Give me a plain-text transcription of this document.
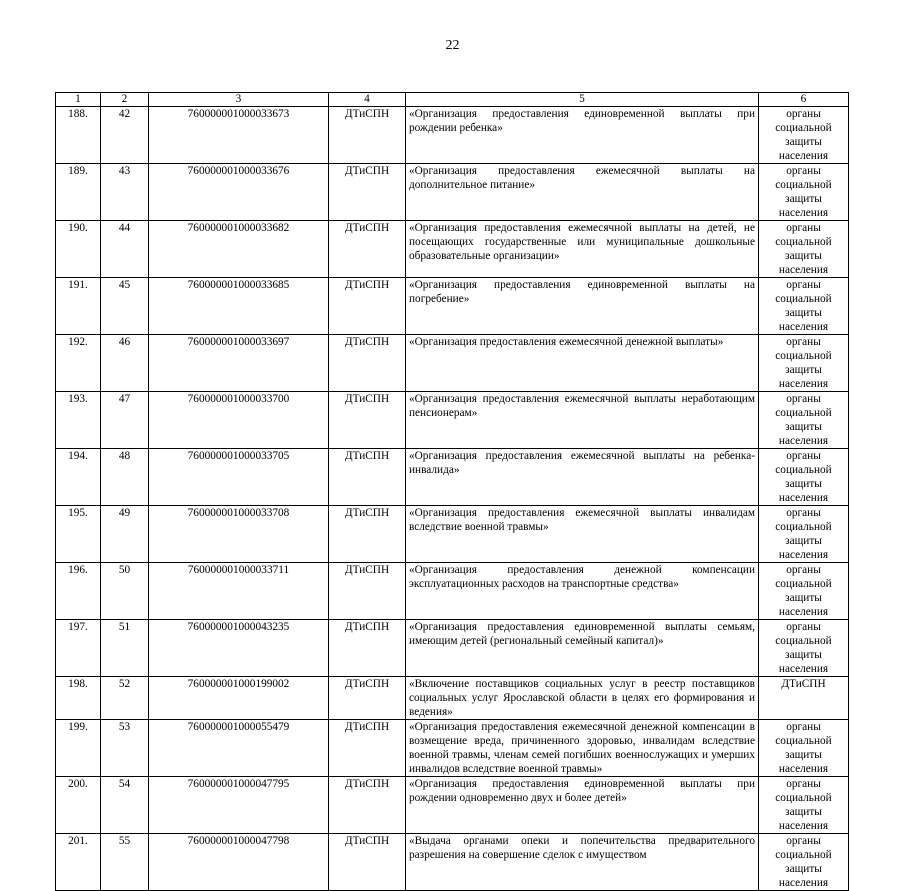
22
1	2	3	4	5	6
188.	42	760000001000033673	ДТиСПН	«Организация предоставления единовременной выплаты при рождении ребенка»	органы социальной защиты населения
189.	43	760000001000033676	ДТиСПН	«Организация предоставления ежемесячной выплаты на дополнительное питание»	органы социальной защиты населения
190.	44	760000001000033682	ДТиСПН	«Организация предоставления ежемесячной выплаты на детей, не посещающих государственные или муниципальные дошкольные образовательные организации»	органы социальной защиты населения
191.	45	760000001000033685	ДТиСПН	«Организация предоставления единовременной выплаты на погребение»	органы социальной защиты населения
192.	46	760000001000033697	ДТиСПН	«Организация предоставления ежемесячной денежной выплаты»	органы социальной защиты населения
193.	47	760000001000033700	ДТиСПН	«Организация предоставления ежемесячной выплаты неработающим пенсионерам»	органы социальной защиты населения
194.	48	760000001000033705	ДТиСПН	«Организация предоставления ежемесячной выплаты на ребенка-инвалида»	органы социальной защиты населения
195.	49	760000001000033708	ДТиСПН	«Организация предоставления ежемесячной выплаты инвалидам вследствие военной травмы»	органы социальной защиты населения
196.	50	760000001000033711	ДТиСПН	«Организация предоставления денежной компенсации эксплуатационных расходов на транспортные средства»	органы социальной защиты населения
197.	51	760000001000043235	ДТиСПН	«Организация предоставления единовременной выплаты семьям, имеющим детей (региональный семейный капитал)»	органы социальной защиты населения
198.	52	760000001000199002	ДТиСПН	«Включение поставщиков социальных услуг в реестр поставщиков социальных услуг Ярославской области в целях его формирования и ведения»	ДТиСПН
199.	53	760000001000055479	ДТиСПН	«Организация предоставления ежемесячной денежной компенсации в возмещение вреда, причиненного здоровью, инвалидам вследствие военной травмы, членам семей погибших военнослужащих и умерших инвалидов вследствие военной травмы»	органы социальной защиты населения
200.	54	760000001000047795	ДТиСПН	«Организация предоставления единовременной выплаты при рождении одновременно двух и более детей»	органы социальной защиты населения
201.	55	760000001000047798	ДТиСПН	«Выдача органами опеки и попечительства предварительного разрешения на совершение сделок с имуществом	органы социальной защиты населения
